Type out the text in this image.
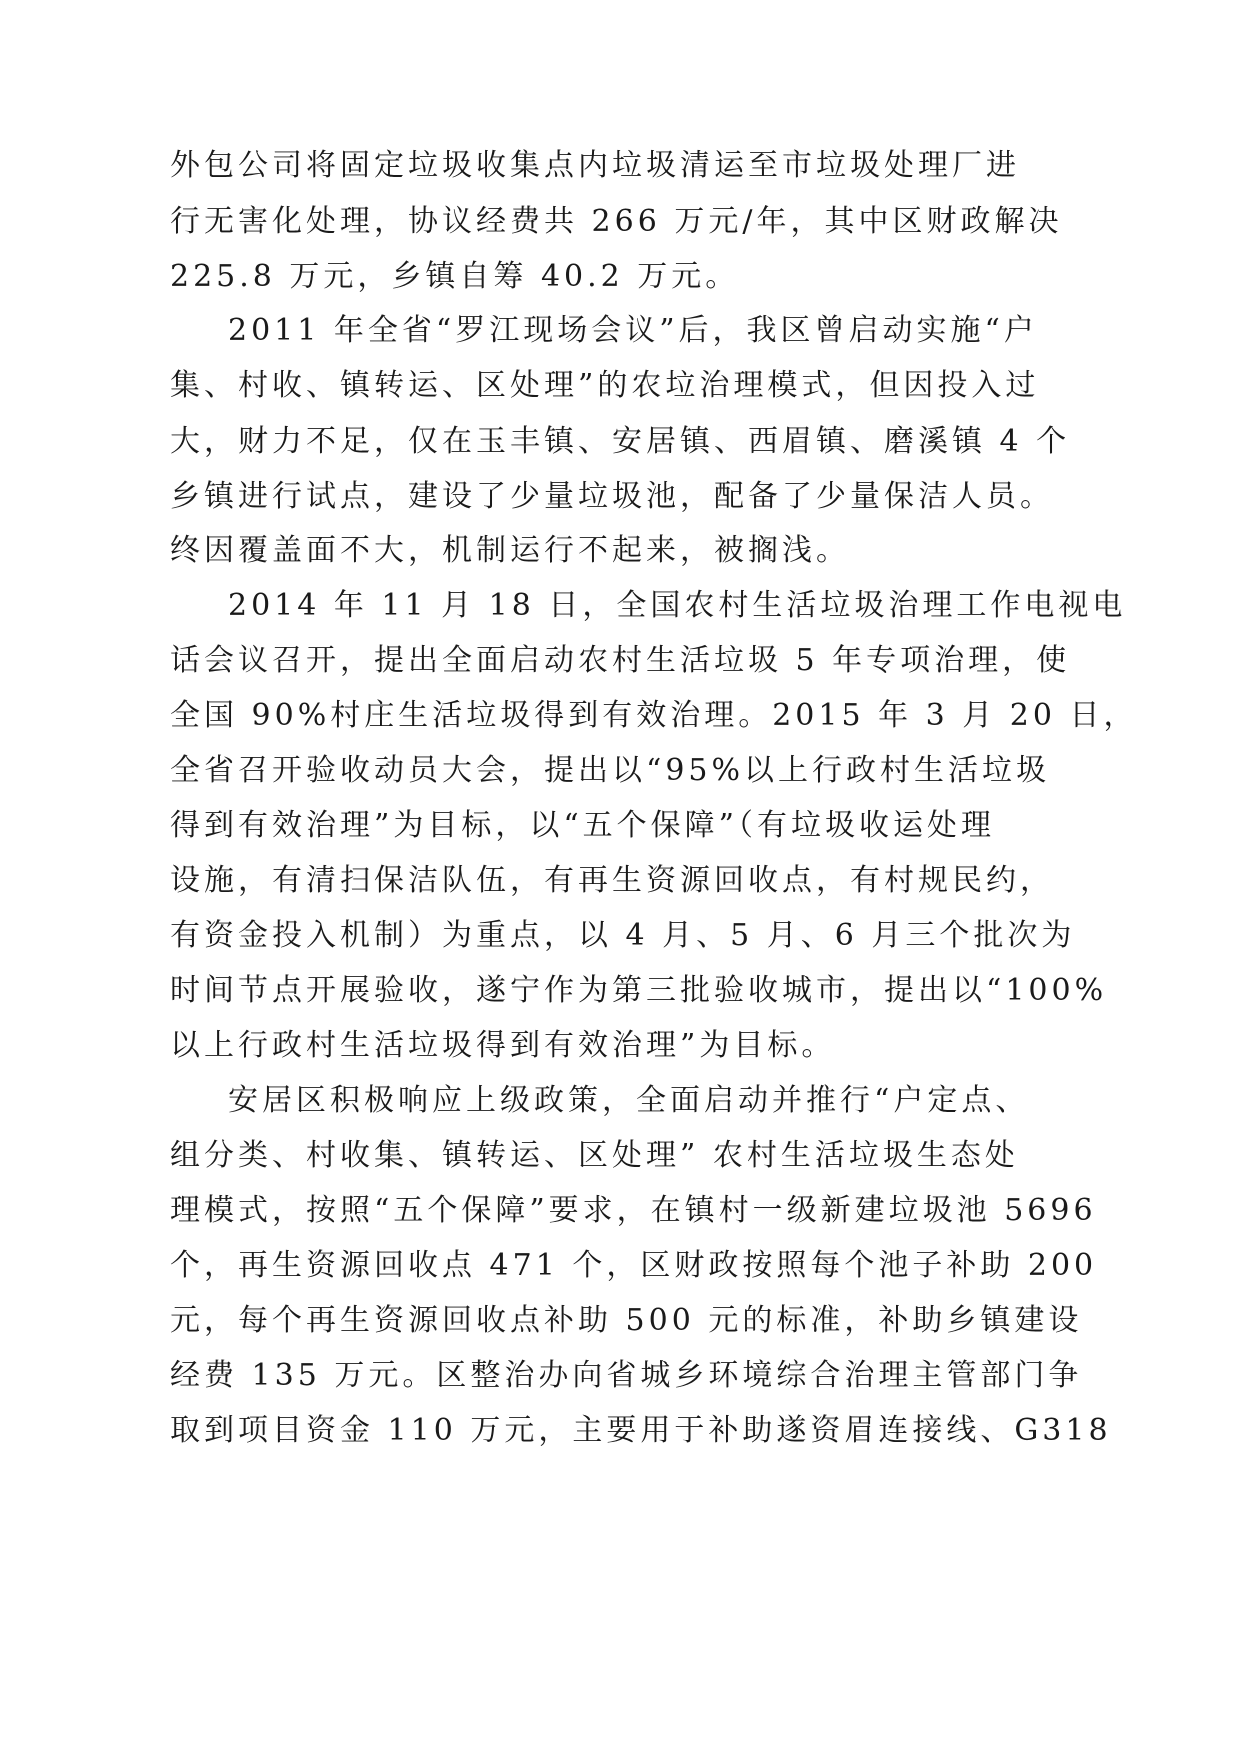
外包公司将固定垃圾收集点内垃圾清运至市垃圾处理厂进

行无害化处理，协议经费共 266 万元/年，其中区财政解决

225.8 万元，乡镇自筹 40.2 万元。

2011 年全省“罗江现场会议”后，我区曾启动实施“户

集、村收、镇转运、区处理”的农垃治理模式，但因投入过

大，财力不足，仅在玉丰镇、安居镇、西眉镇、磨溪镇 4 个

乡镇进行试点，建设了少量垃圾池，配备了少量保洁人员。

终因覆盖面不大，机制运行不起来，被搁浅。

2014 年 11 月 18 日，全国农村生活垃圾治理工作电视电

话会议召开，提出全面启动农村生活垃圾 5 年专项治理，使

全国 90%村庄生活垃圾得到有效治理。2015 年 3 月 20 日，

全省召开验收动员大会，提出以“95%以上行政村生活垃圾

得到有效治理”为目标，以“五个保障”（有垃圾收运处理

设施，有清扫保洁队伍，有再生资源回收点，有村规民约，

有资金投入机制）为重点，以 4 月、5 月、6 月三个批次为

时间节点开展验收，遂宁作为第三批验收城市，提出以“100%

以上行政村生活垃圾得到有效治理”为目标。

安居区积极响应上级政策，全面启动并推行“户定点、

组分类、村收集、镇转运、区处理” 农村生活垃圾生态处

理模式，按照“五个保障”要求，在镇村一级新建垃圾池 5696

个，再生资源回收点 471 个，区财政按照每个池子补助 200

元，每个再生资源回收点补助 500 元的标准，补助乡镇建设

经费 135 万元。区整治办向省城乡环境综合治理主管部门争

取到项目资金 110 万元，主要用于补助遂资眉连接线、G318
